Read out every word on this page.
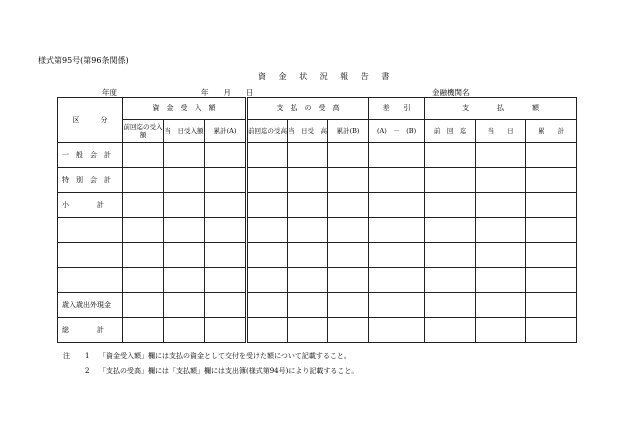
様式第95号(第96条関係)
資 金 状 況 報 告 書
年度	年　　月　　日	金融機関名
区　　　分	資　金　受　入　額			支　払　の　受　高			差　　引	支　　　　払　　　　額		
	前回迄の受入額	当　日受入額	累計(A)	前回迄の受高	当　日受　高	累計(B)	(A)　－　(B)	前　回　迄	当　　日	累　　計
一　般　会　計										
特　別　会　計										
小　　　　計										

歳入歳出外現金										
総　　　　計										
注 1 「資金受入額」欄には支払の資金として交付を受けた額について記載すること。
2 「支払の受高」欄には「支払額」欄には支出簿(様式第94号)により記載すること。
